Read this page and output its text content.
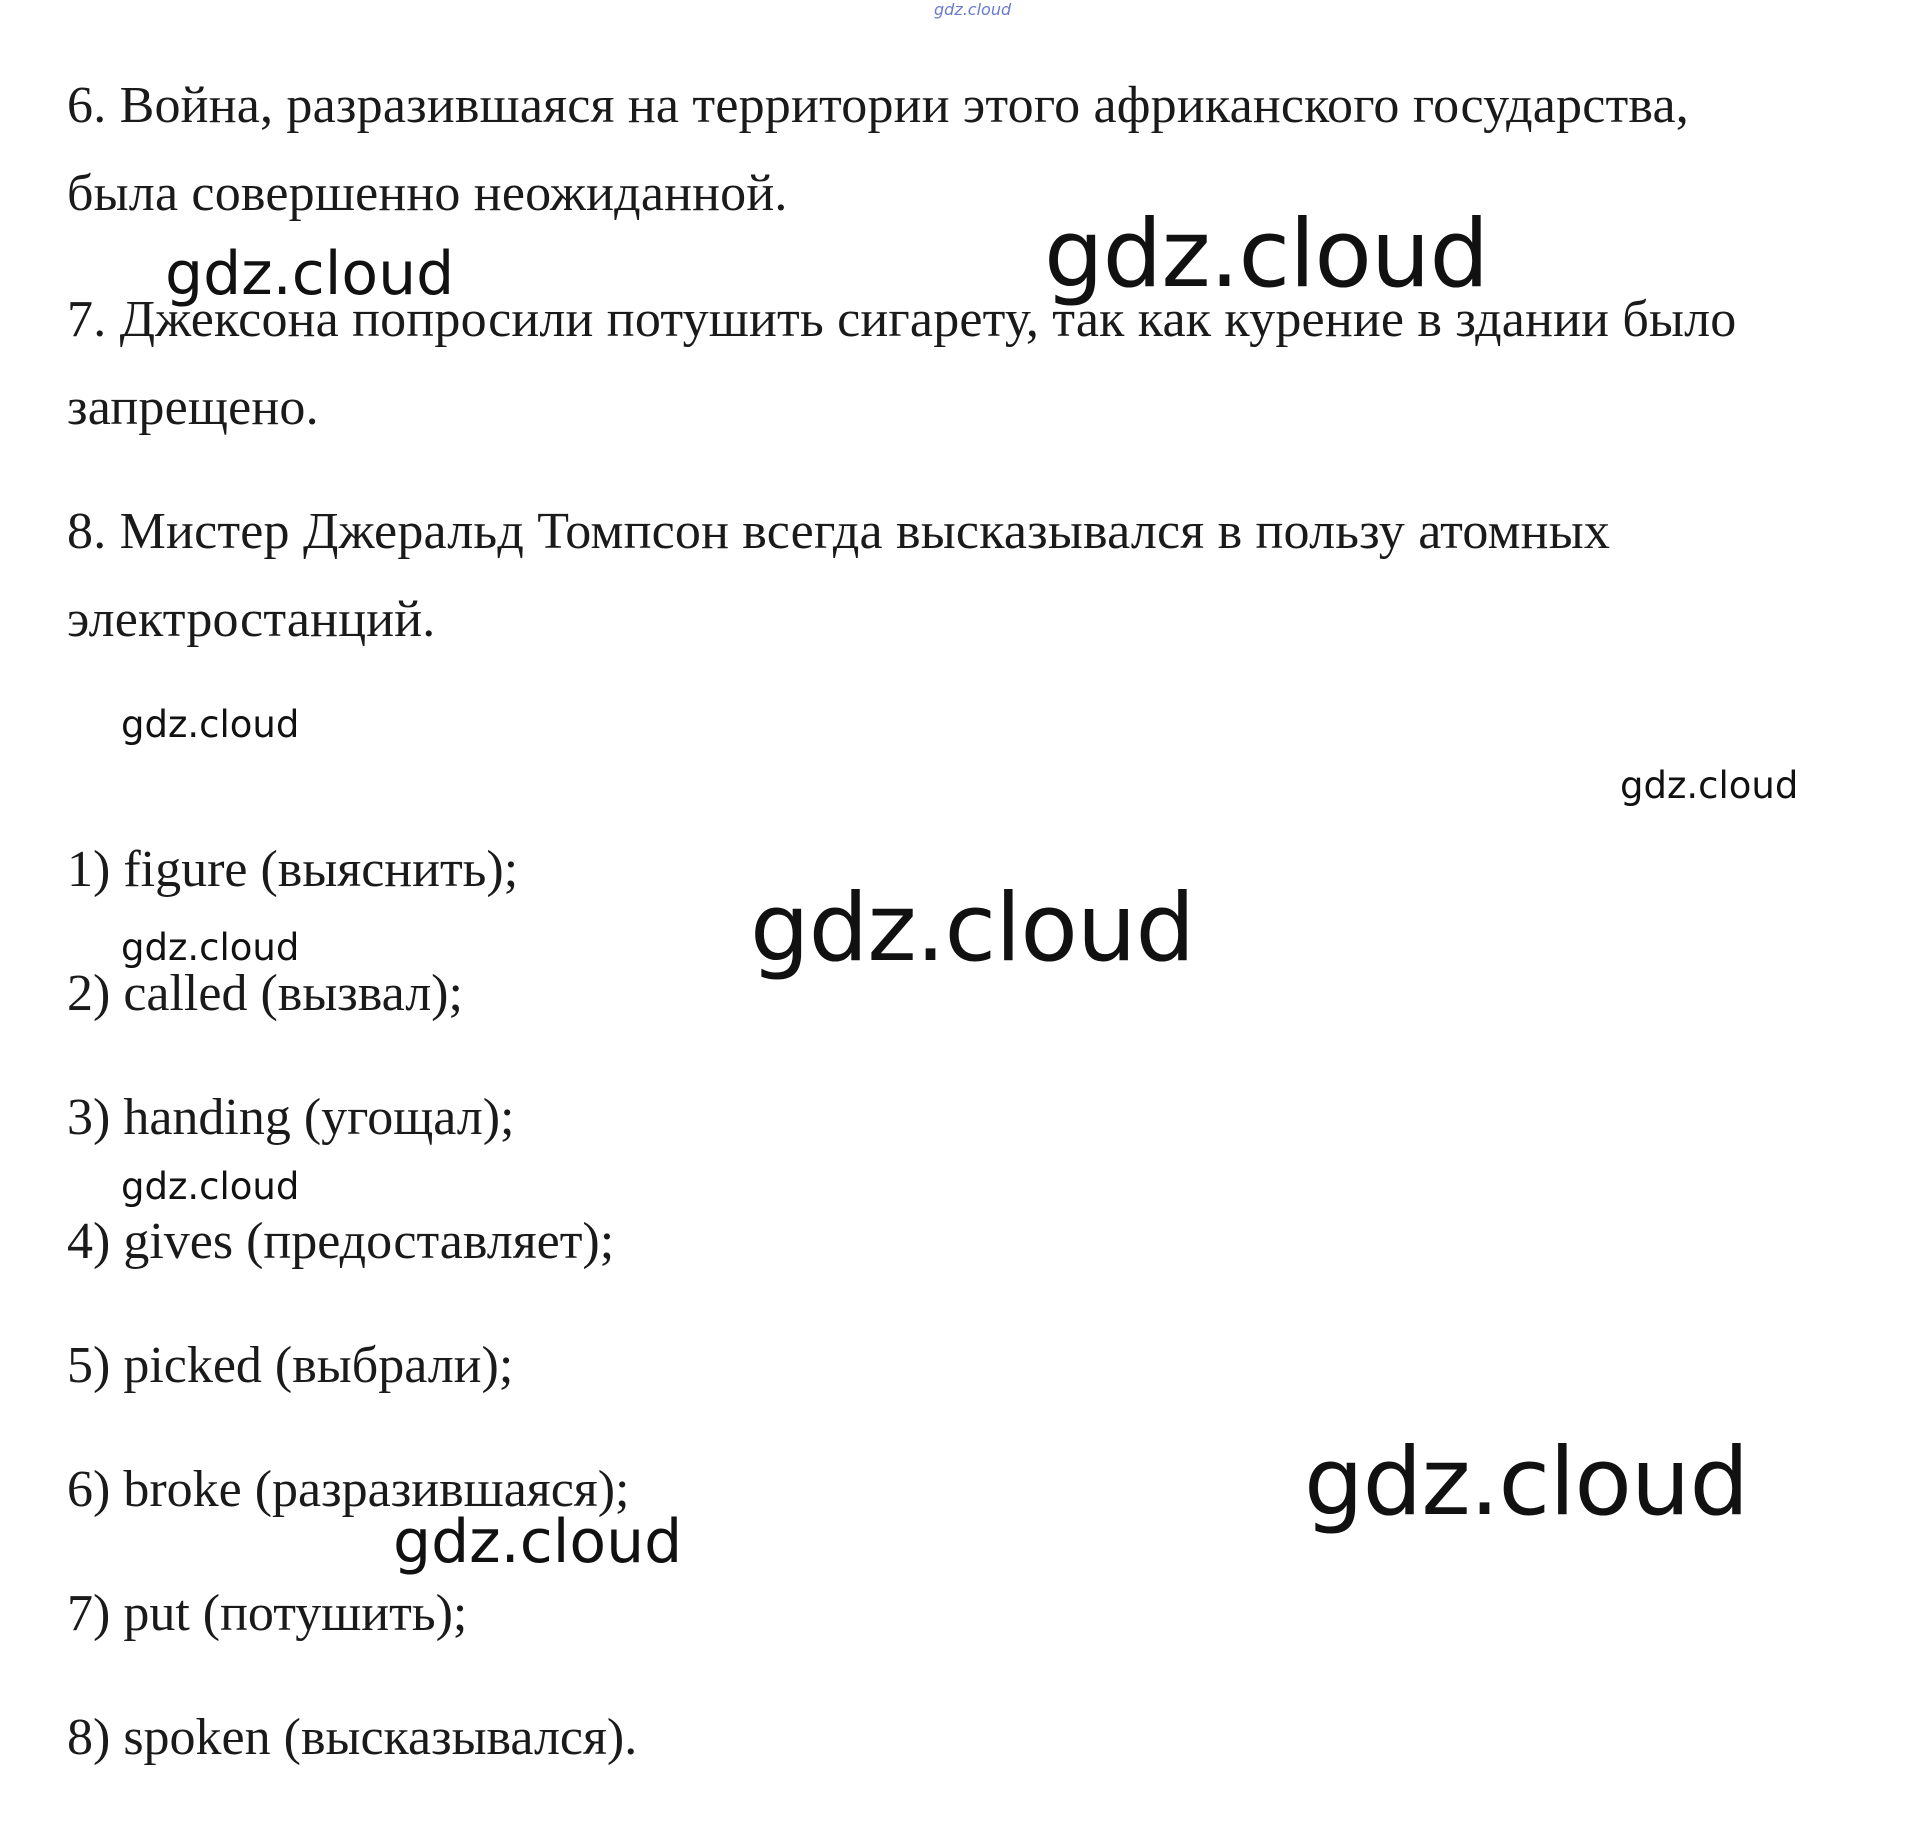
gdz.cloud

6. Война, разразившаяся на территории этого африканского государства, была совершенно неожиданной.

7. Джексона попросили потушить сигарету, так как курение в здании было запрещено.

8. Мистер Джеральд Томпсон всегда высказывался в пользу атомных электростанций.

1) figure (выяснить);

2) called (вызвал);

3) handing (угощал);

4) gives (предоставляет);

5) picked (выбрали);

6) broke (разразившаяся);

7) put (потушить);

8) spoken (высказывался).

gdz.cloud
gdz.cloud
gdz.cloud
gdz.cloud
gdz.cloud
gdz.cloud
gdz.cloud
gdz.cloud
gdz.cloud
